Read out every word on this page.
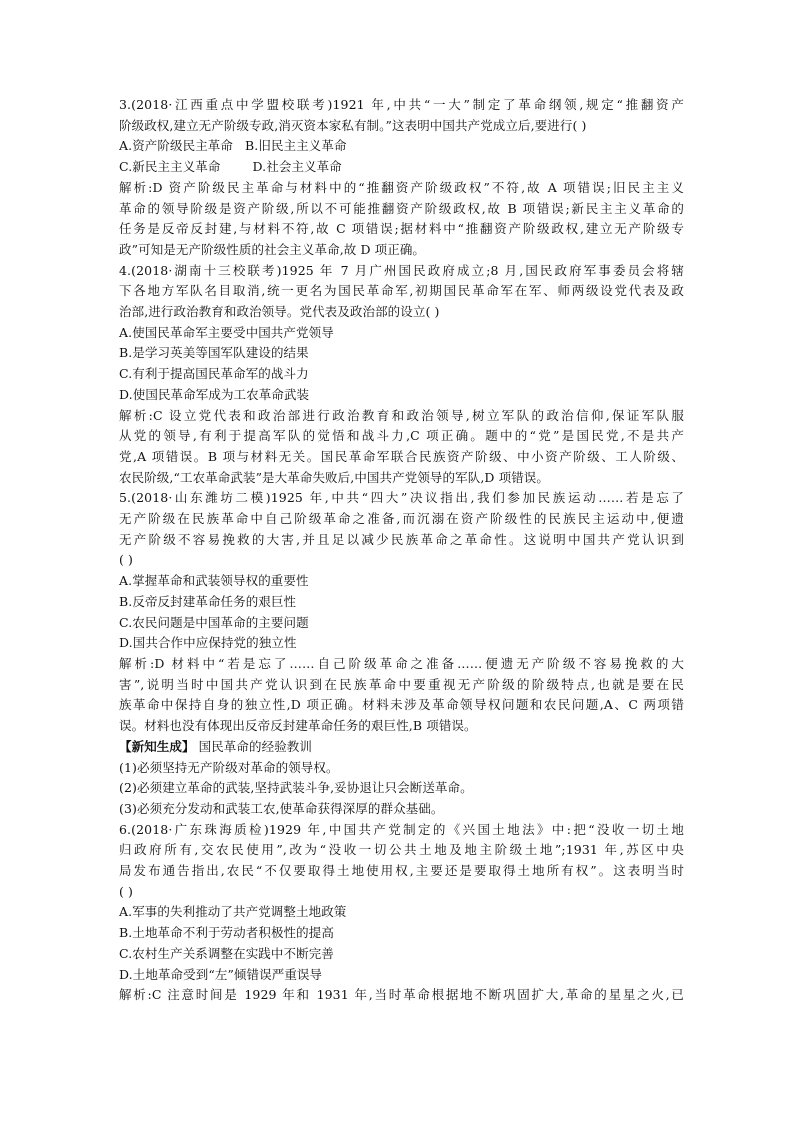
3.(2018·江西重点中学盟校联考)1921 年,中共“一大”制定了革命纲领,规定“推翻资产

阶级政权,建立无产阶级专政,消灭资本家私有制。”这表明中国共产党成立后,要进行( )

A.资产阶级民主革命 B.旧民主主义革命
C.新民主主义革命	D.社会主义革命

解析:D 资产阶级民主革命与材料中的“推翻资产阶级政权”不符,故 A 项错误;旧民主主义

革命的领导阶级是资产阶级,所以不可能推翻资产阶级政权,故 B 项错误;新民主主义革命的

任务是反帝反封建,与材料不符,故 C 项错误;据材料中“推翻资产阶级政权,建立无产阶级专

政”可知是无产阶级性质的社会主义革命,故 D 项正确。

4.(2018·湖南十三校联考)1925 年 7 月广州国民政府成立;8 月,国民政府军事委员会将辖

下各地方军队名目取消,统一更名为国民革命军,初期国民革命军在军、师两级设党代表及政

治部,进行政治教育和政治领导。党代表及政治部的设立( )

A.使国民革命军主要受中国共产党领导

B.是学习英美等国军队建设的结果

C.有利于提高国民革命军的战斗力

D.使国民革命军成为工农革命武装

解析:C 设立党代表和政治部进行政治教育和政治领导,树立军队的政治信仰,保证军队服

从党的领导,有利于提高军队的觉悟和战斗力,C 项正确。题中的“党”是国民党,不是共产

党,A 项错误。B 项与材料无关。国民革命军联合民族资产阶级、中小资产阶级、工人阶级、

农民阶级,“工农革命武装”是大革命失败后,中国共产党领导的军队,D 项错误。

5.(2018·山东潍坊二模)1925 年,中共“四大”决议指出,我们参加民族运动……若是忘了

无产阶级在民族革命中自己阶级革命之准备,而沉溺在资产阶级性的民族民主运动中,便遗

无产阶级不容易挽救的大害,并且足以减少民族革命之革命性。这说明中国共产党认识到

( )

A.掌握革命和武装领导权的重要性

B.反帝反封建革命任务的艰巨性

C.农民问题是中国革命的主要问题

D.国共合作中应保持党的独立性

解析:D 材料中“若是忘了……自己阶级革命之准备……便遗无产阶级不容易挽救的大

害”,说明当时中国共产党认识到在民族革命中要重视无产阶级的阶级特点,也就是要在民

族革命中保持自身的独立性,D 项正确。材料未涉及革命领导权问题和农民问题,A、C 两项错

误。材料也没有体现出反帝反封建革命任务的艰巨性,B 项错误。

【新知生成】 国民革命的经验教训

(1)必须坚持无产阶级对革命的领导权。

(2)必须建立革命的武装,坚持武装斗争,妥协退让只会断送革命。

(3)必须充分发动和武装工农,使革命获得深厚的群众基础。

6.(2018·广东珠海质检)1929 年,中国共产党制定的《兴国土地法》中:把“没收一切土地

归政府所有,交农民使用”,改为“没收一切公共土地及地主阶级土地”;1931 年,苏区中央

局发布通告指出,农民“不仅要取得土地使用权,主要还是要取得土地所有权”。这表明当时

( )

A.军事的失利推动了共产党调整土地政策

B.土地革命不利于劳动者积极性的提高

C.农村生产关系调整在实践中不断完善

D.土地革命受到“左”倾错误严重误导

解析:C 注意时间是 1929 年和 1931 年,当时革命根据地不断巩固扩大,革命的星星之火,已
